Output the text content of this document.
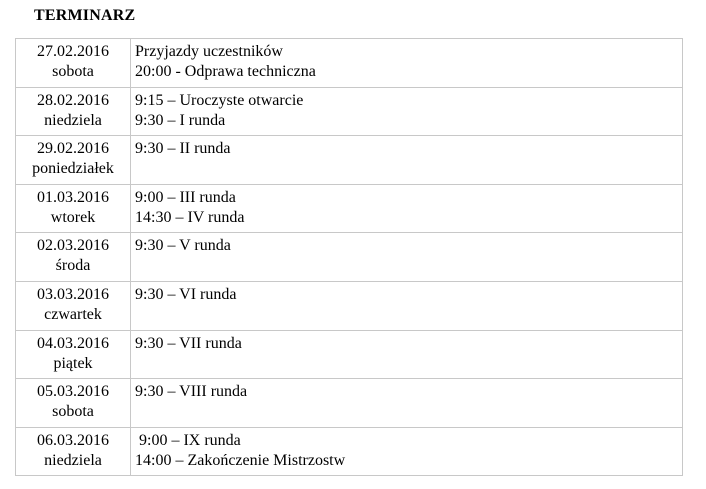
TERMINARZ
27.02.2016
sobota	Przyjazdy uczestników
20:00 - Odprawa techniczna

28.02.2016
niedziela	9:15 – Uroczyste otwarcie
9:30 – I runda

29.02.2016
poniedziałek	9:30 – II runda

01.03.2016
wtorek	9:00 – III runda
14:30 – IV runda

02.03.2016
środa	9:30 – V runda

03.03.2016
czwartek	9:30 – VI runda

04.03.2016
piątek	9:30 – VII runda

05.03.2016
sobota	9:30 – VIII runda

06.03.2016
niedziela	9:00 – IX runda
14:00 – Zakończenie Mistrzostw
